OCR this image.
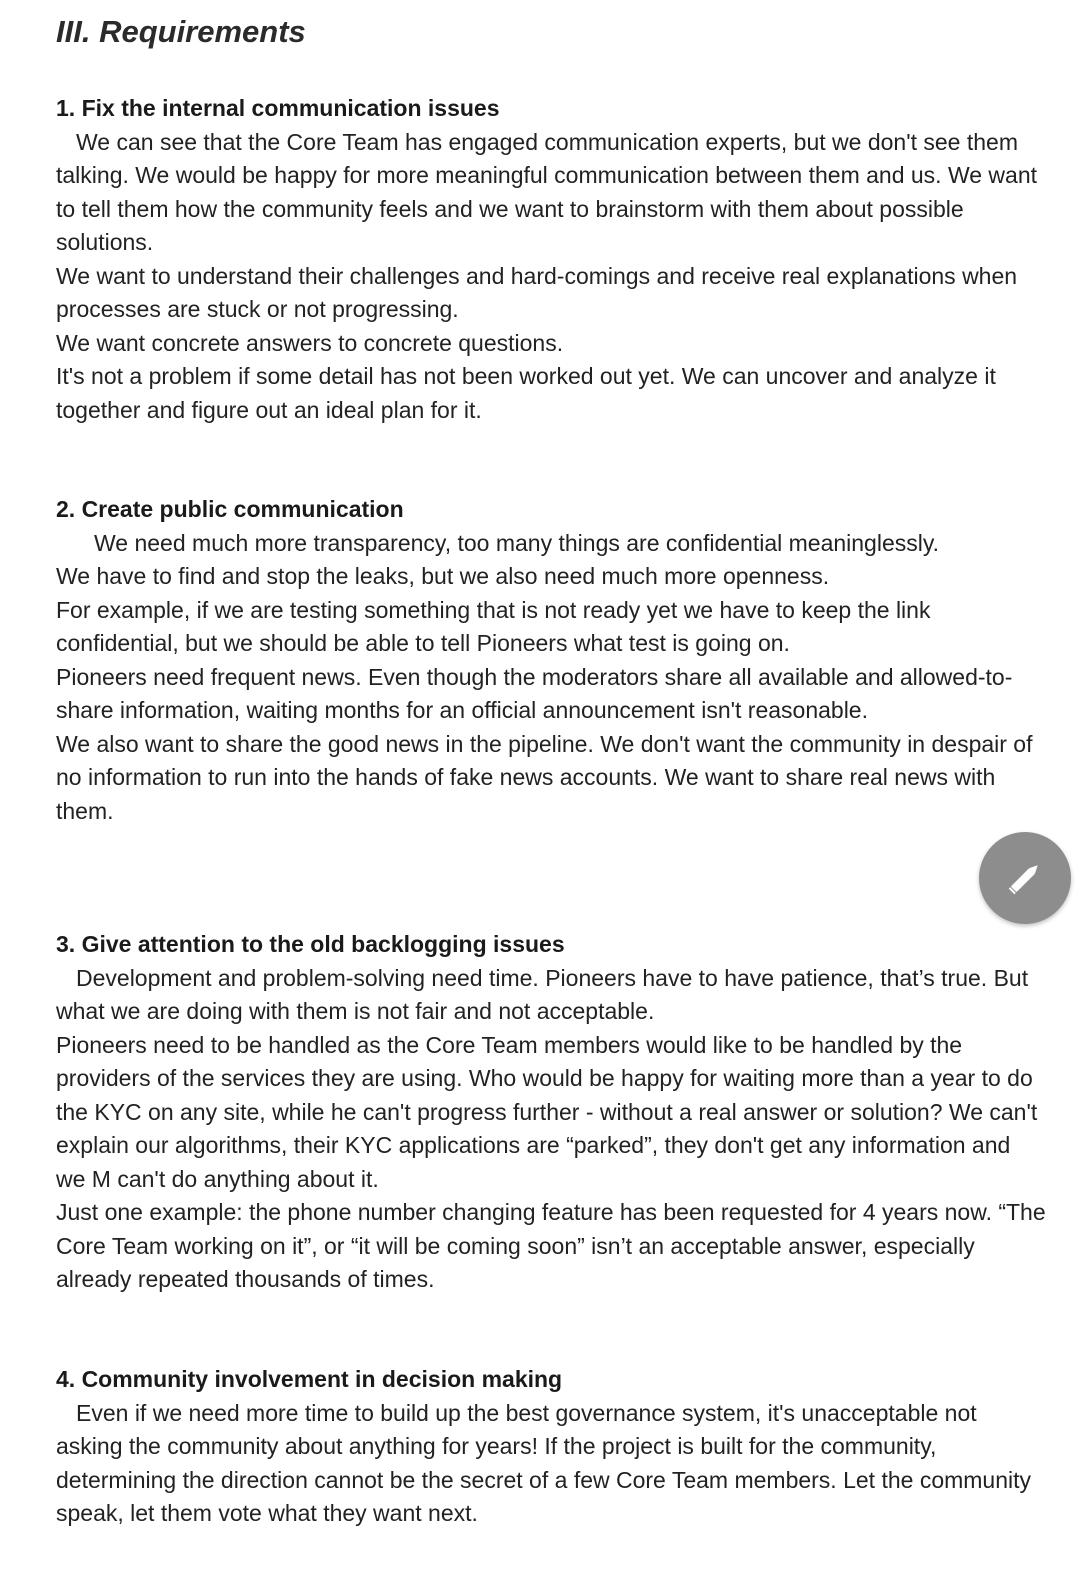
III. Requirements
1. Fix the internal communication issues

We can see that the Core Team has engaged communication experts, but we don't see them talking. We would be happy for more meaningful communication between them and us. We want to tell them how the community feels and we want to brainstorm with them about possible solutions.

We want to understand their challenges and hard-comings and receive real explanations when processes are stuck or not progressing.

We want concrete answers to concrete questions.

It's not a problem if some detail has not been worked out yet. We can uncover and analyze it together and figure out an ideal plan for it.

2. Create public communication

We need much more transparency, too many things are confidential meaninglessly.

We have to find and stop the leaks, but we also need much more openness.

For example, if we are testing something that is not ready yet we have to keep the link confidential, but we should be able to tell Pioneers what test is going on.

Pioneers need frequent news. Even though the moderators share all available and allowed-to-share information, waiting months for an official announcement isn't reasonable.

We also want to share the good news in the pipeline. We don't want the community in despair of no information to run into the hands of fake news accounts. We want to share real news with them.

3. Give attention to the old backlogging issues

Development and problem-solving need time. Pioneers have to have patience, that’s true. But what we are doing with them is not fair and not acceptable.

Pioneers need to be handled as the Core Team members would like to be handled by the providers of the services they are using. Who would be happy for waiting more than a year to do the KYC on any site, while he can't progress further - without a real answer or solution? We can't explain our algorithms, their KYC applications are “parked”, they don't get any information and we M can't do anything about it.

Just one example: the phone number changing feature has been requested for 4 years now. “The Core Team working on it”, or “it will be coming soon” isn’t an acceptable answer, especially already repeated thousands of times.

4. Community involvement in decision making

Even if we need more time to build up the best governance system, it's unacceptable not asking the community about anything for years! If the project is built for the community, determining the direction cannot be the secret of a few Core Team members. Let the community speak, let them vote what they want next.
